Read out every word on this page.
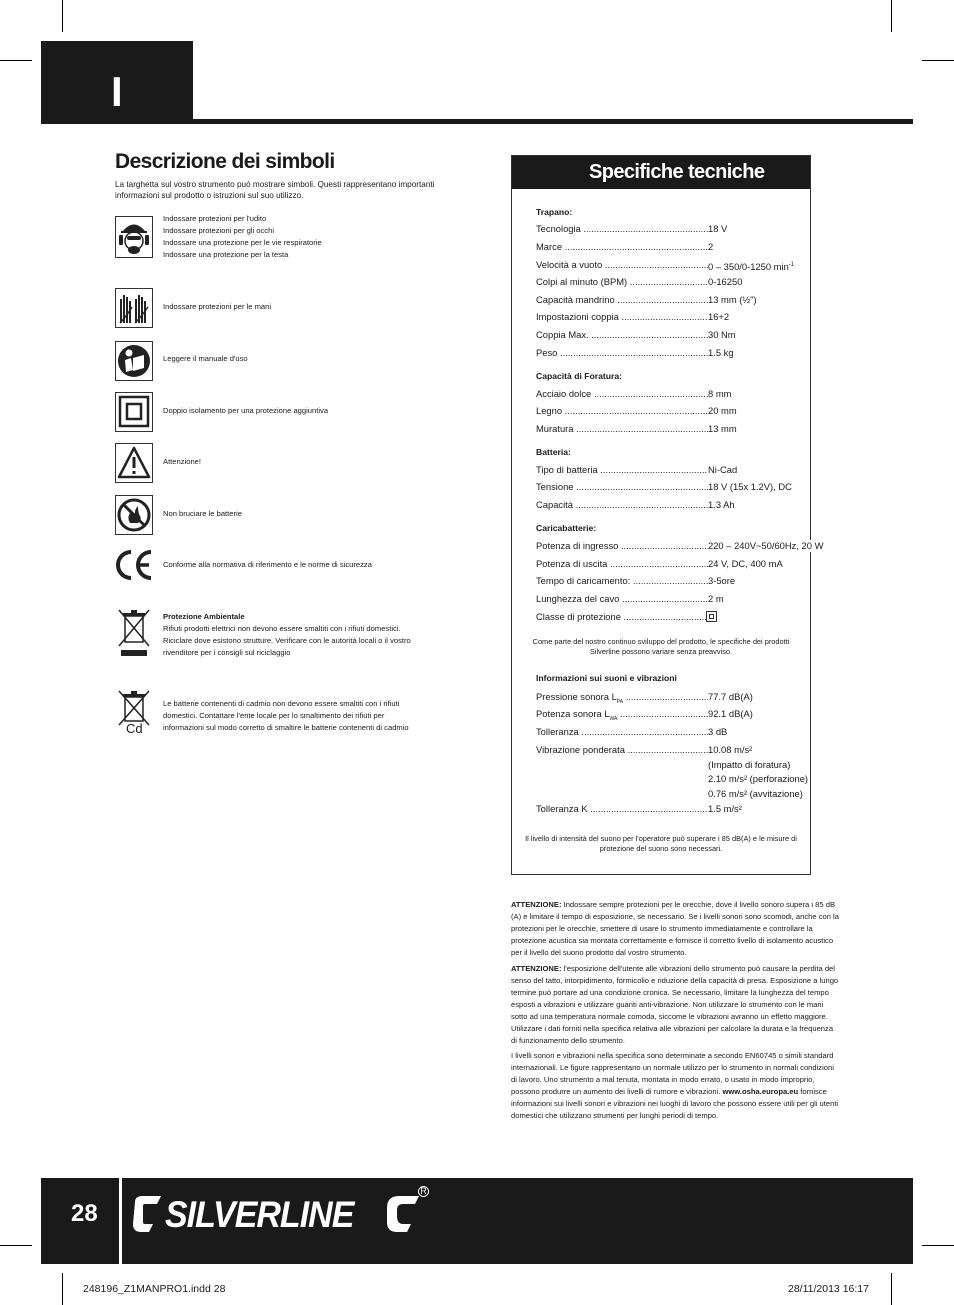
I
Descrizione dei simboli
La targhetta sul vostro strumento può mostrare simboli. Questi rappresentano importanti informazioni sul prodotto o istruzioni sul suo utilizzo.
Indossare protezioni per l'udito
Indossare protezioni per gli occhi
Indossare una protezione per le vie respiratorie
Indossare una protezione per la testa
Indossare protezioni per le mani
Leggere il manuale d'uso
Doppio isolamento per una protezione aggiuntiva
Attenzione!
Non bruciare le batterie
Conforme alla normativa di riferimento e le norme di sicurezza
Protezione Ambientale
Rifiuti prodotti elettrici non devono essere smaltiti con i rifiuti domestici.
Riciclare dove esistono strutture. Verificare con le autorità locali o il vostro
rivenditore per i consigli sul riciclaggio
Cd
Le batterie contenenti di cadmio non devono essere smaltiti con i rifiuti
domestici. Contattare l'ente locale per lo smaltimento dei rifiuti per
informazioni sul modo corretto di smaltire le batterie contenenti di cadmio
Specifiche tecniche
Trapano:
Tecnologia .....	18 V
Marce .....	2
Velocità a vuoto .....	0 – 350/0-1250 $\min^{-1}$
Colpi al minuto (BPM) .....	0-16250
Capacità mandrino .....	13 mm (½")
Impostazioni coppia .....	16+2
Coppia Max. .....	30 Nm
Peso .....	1.5 kg
Capacità di Foratura:
Acciaio dolce .....	8 mm
Legno .....	20 mm
Muratura .....	13 mm
Batteria:
Tipo di batteria .....	Ni-Cad
Tensione .....	18 V (15x 1.2V), DC
Capacità .....	1.3 Ah
Caricabatterie:
Potenza di ingresso .....	220 – 240V~50/60Hz, 20 W
Potenza di uscita .....	24 V, DC, 400 mA
Tempo di caricamento: .....	3-5ore
Lunghezza del cavo .....	2 m
Classe di protezione .....
Come parte del nostro continuo sviluppo del prodotto, le specifiche dei prodotti Silverline possono variare senza preavviso.
Informazioni sui suoni e vibrazioni
Pressione sonora $L_{PA}$ .....	77.7 dB(A)
Potenza sonora $L_{WA}$ .....	92.1 dB(A)
Tolleranza .....	3 dB
Vibrazione ponderata .....	10.08 m/s²
(Impatto di foratura)
2.10 m/s² (perforazione)
0.76 m/s² (avvitazione)
Tolleranza K .....	1.5 m/s²
Il livello di intensità del suono per l'operatore può superare i 85 dB(A) e le misure di protezione del suono sono necessari.
ATTENZIONE: Indossare sempre protezioni per le orecchie, dove il livello sonoro supera i 85 dB (A) e limitare il tempo di esposizione, se necessario. Se i livelli sonori sono scomodi, anche con la protezioni per le orecchie, smettere di usare lo strumento immediatamente e controllare la protezione acustica sia montata correttamente e fornisce il corretto livello di isolamento acustico per il livello del suono prodotto dal vostro strumento.
ATTENZIONE: l'esposizione dell'utente alle vibrazioni dello strumento può causare la perdita del senso del tatto, intorpidimento, formicolio e riduzione della capacità di presa. Esposizione a lungo termine può portare ad una condizione cronica. Se necessario, limitare la lunghezza del tempo esposti a vibrazioni e utilizzare guanti anti-vibrazione. Non utilizzare lo strumento con le mani sotto ad una temperatura normale comoda, siccome le vibrazioni avranno un effetto maggiore. Utilizzare i dati forniti nella specifica relativa alle vibrazioni per calcolare la durata e la frequenza di funzionamento dello strumento.
I livelli sonori e vibrazioni nella specifica sono determinate a secondo EN60745 o simili standard internazionali. Le figure rappresentano un normale utilizzo per lo strumento in normali condizioni di lavoro. Uno strumento a mal tenuta, montata in modo errato, o usato in modo improprio, possono produrre un aumento dei livelli di rumore e vibrazioni. www.osha.europa.eu fornisce informazioni sui livelli sonori e vibrazioni nei luoghi di lavoro che possono essere utili per gli utenti domestici che utilizzano strumenti per lunghi periodi di tempo.
28	SILVERLINE
R
248196_Z1MANPRO1.indd 28	28/11/2013 16:17
